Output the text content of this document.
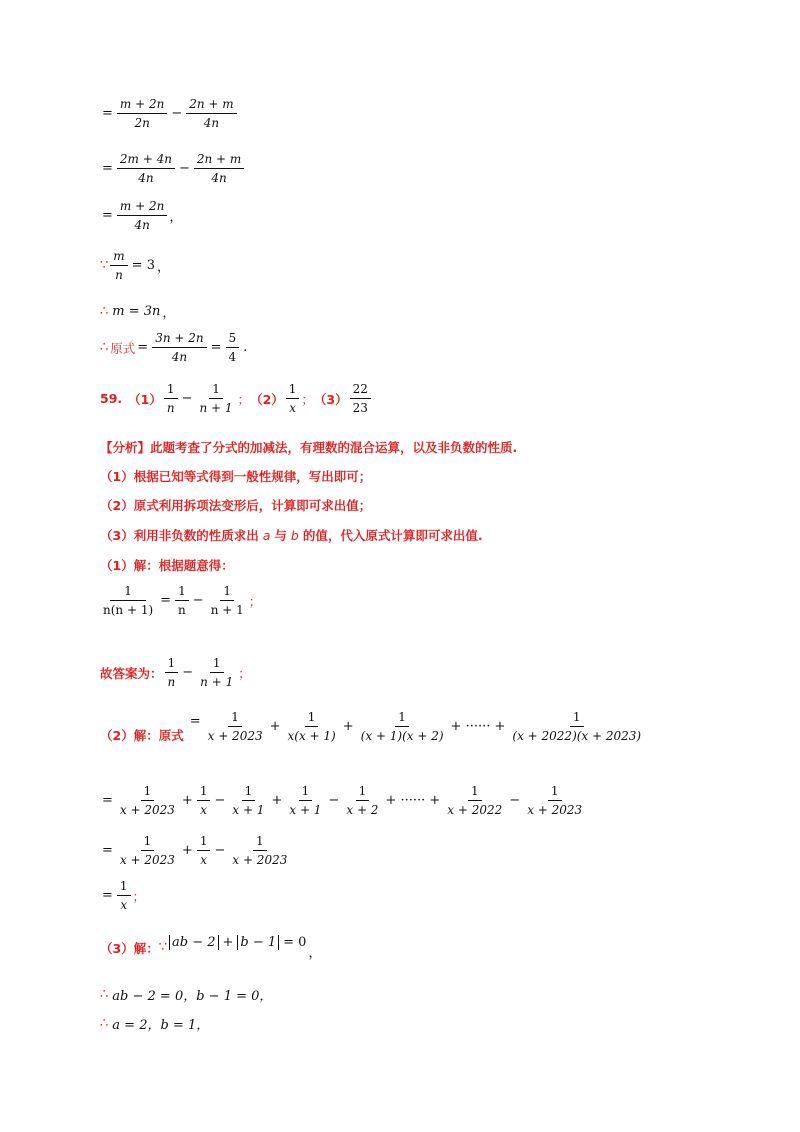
= $\frac{m + 2n}{2n} - \frac{2n + m}{4n}$
= $\frac{2m + 4n}{4n} - \frac{2n + m}{4n}$
= $\frac{m + 2n}{4n}$ ，
∵ $\frac{m}{n} = 3$ ，
∴ m = 3n ，
∴ 原式 = $\frac{3n + 2n}{4n} = \frac{5}{4}$ .
59. （1）
1
n
− $\frac{1}{n + 1}$ ； （2）
1
x
； （3）
22
23
【分析】 此题考查了分式的加减法，有理数的混合运算，以及非负数的性质.
（1）根据已知等式得到一般性规律，写出即可；
（2）原式利用拆项法变形后，计算即可求出值；
（3）利用非负数的性质求出 a 与 b 的值，代入原式计算即可求出值.
（1）解：根据题意得：
$\frac{1}{n(n + 1)} = \frac{1}{n} - \frac{1}{n + 1}$ ；
故答案为：
1
n
− $\frac{1}{n + 1}$ ；
（2）解：原式
= $\frac{1}{x + 2023} + \frac{1}{x(x + 1)} + \frac{1}{(x + 1)(x + 2)}$ + ······ + $\frac{1}{(x + 2022)(x + 2023)}$
= $\frac{1}{x + 2023} + \frac{1}{x} - \frac{1}{x + 1} + \frac{1}{x + 1} - \frac{1}{x + 2}$ + ······ + $\frac{1}{x + 2022} - \frac{1}{x + 2023}$
= $\frac{1}{x + 2023} + \frac{1}{x} - \frac{1}{x + 2023}$
= $\frac{1}{x}$ ；
（3）解： ∵ ab − 2 + b − 1 = 0
，
∴ ab − 2 = 0，b − 1 = 0，
∴ a = 2，b = 1，
